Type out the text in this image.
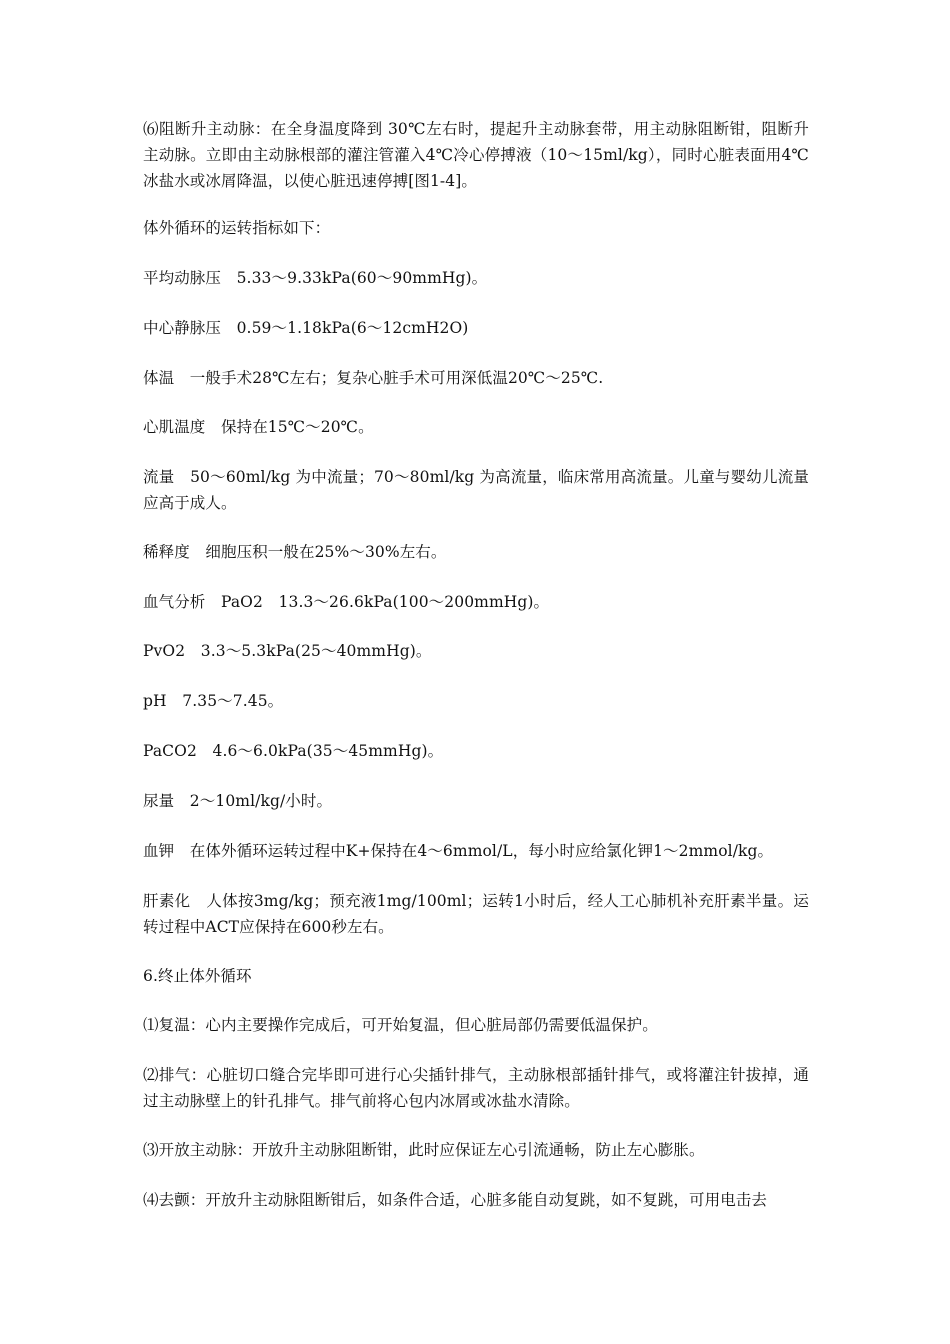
⑹阻断升主动脉：在全身温度降到 30℃左右时，提起升主动脉套带，用主动脉阻断钳，阻断升主动脉。立即由主动脉根部的灌注管灌入4℃冷心停搏液（10～15ml/kg），同时心脏表面用4℃冰盐水或冰屑降温，以使心脏迅速停搏[图1-4]。

体外循环的运转指标如下：

平均动脉压　5.33～9.33kPa(60～90mmHg)。

中心静脉压　0.59～1.18kPa(6～12cmH2O)

体温　一般手术28℃左右；复杂心脏手术可用深低温20℃～25℃.

心肌温度　保持在15℃～20℃。

流量　50～60ml/kg 为中流量；70～80ml/kg 为高流量，临床常用高流量。儿童与婴幼儿流量应高于成人。

稀释度　细胞压积一般在25%～30%左右。

血气分析　PaO2　13.3～26.6kPa(100～200mmHg)。

PvO2　3.3～5.3kPa(25～40mmHg)。

pH　7.35～7.45。

PaCO2　4.6～6.0kPa(35～45mmHg)。

尿量　2～10ml/kg/小时。

血钾　在体外循环运转过程中K+保持在4～6mmol/L，每小时应给氯化钾1～2mmol/kg。

肝素化　人体按3mg/kg；预充液1mg/100ml；运转1小时后，经人工心肺机补充肝素半量。运转过程中ACT应保持在600秒左右。

6.终止体外循环

⑴复温：心内主要操作完成后，可开始复温，但心脏局部仍需要低温保护。

⑵排气：心脏切口缝合完毕即可进行心尖插针排气，主动脉根部插针排气，或将灌注针拔掉，通过主动脉壁上的针孔排气。排气前将心包内冰屑或冰盐水清除。

⑶开放主动脉：开放升主动脉阻断钳，此时应保证左心引流通畅，防止左心膨胀。

⑷去颤：开放升主动脉阻断钳后，如条件合适，心脏多能自动复跳，如不复跳，可用电击去
